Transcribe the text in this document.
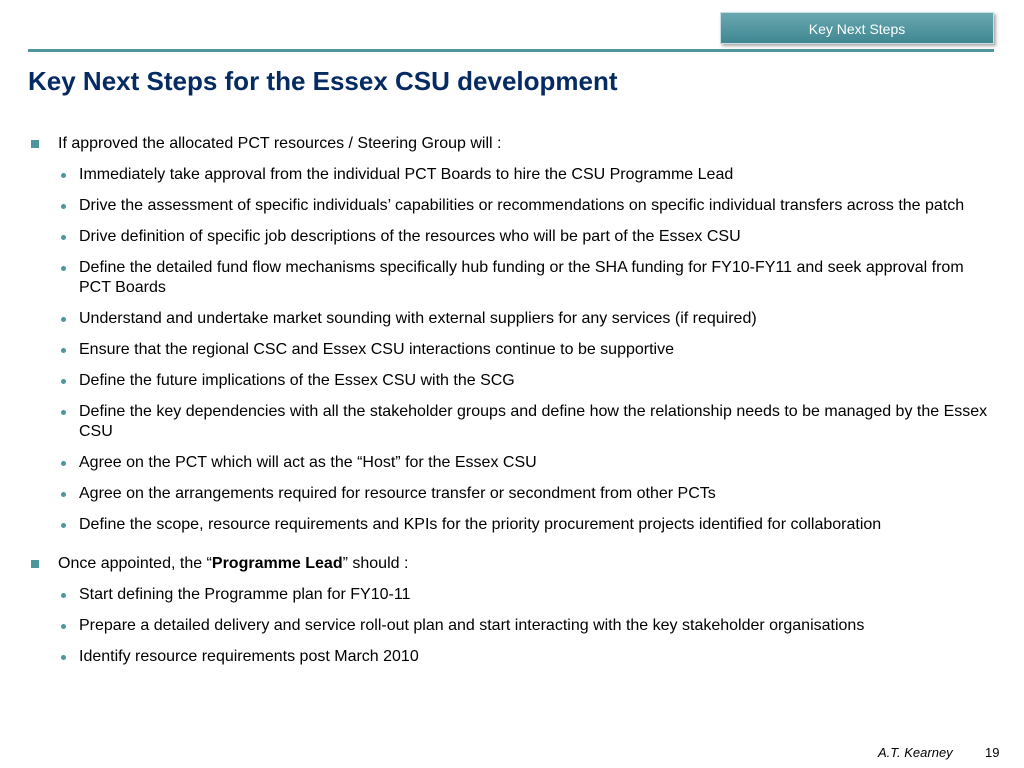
Key Next Steps
Key Next Steps for the Essex CSU development
If approved the allocated PCT resources / Steering Group will :
Immediately take approval from the individual PCT Boards to hire the CSU Programme Lead
Drive the assessment of specific individuals’ capabilities or recommendations on specific individual transfers across the patch
Drive definition of specific job descriptions of the resources who will be part of the Essex CSU
Define the detailed fund flow mechanisms specifically hub funding or the SHA funding for FY10-FY11 and seek approval from PCT Boards
Understand and undertake market sounding with external suppliers for any services (if required)
Ensure that the regional CSC and Essex CSU interactions continue to be supportive
Define the future implications of the Essex CSU with the SCG
Define the key dependencies with all the stakeholder groups and define how the relationship needs to be managed by the Essex CSU
Agree on the PCT which will act as the “Host” for the Essex CSU
Agree on the arrangements required for resource transfer or secondment from other PCTs
Define the scope, resource requirements and KPIs for the priority procurement projects identified for collaboration
Once appointed, the “Programme Lead” should :
Start defining the Programme plan for FY10-11
Prepare a detailed delivery and service roll-out plan and start interacting with the key stakeholder organisations
Identify resource requirements post March 2010
A.T. Kearney 19
